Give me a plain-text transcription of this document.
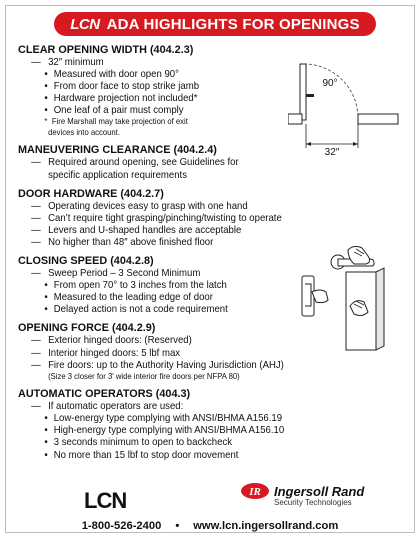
LCN ADA HIGHLIGHTS FOR OPENINGS
CLEAR OPENING WIDTH (404.2.3)
— 32″ minimum
• Measured with door open 90°
• From door face to stop strike jamb
• Hardware projection not included*
• One leaf of a pair must comply
* Fire Marshall may take projection of exit
devices into account.
MANEUVERING CLEARANCE (404.2.4)
— Required around opening, see Guidelines for
specific application requirements
DOOR HARDWARE (404.2.7)
— Operating devices easy to grasp with one hand
— Can’t require tight grasping/pinching/twisting to operate
— Levers and U-shaped handles are acceptable
— No higher than 48″ above finished floor
CLOSING SPEED (404.2.8)
— Sweep Period – 3 Second Minimum
• From open 70° to 3 inches from the latch
• Measured to the leading edge of door
• Delayed action is not a code requirement
OPENING FORCE (404.2.9)
— Exterior hinged doors: (Reserved)
— Interior hinged doors: 5 lbf max
— Fire doors: up to the Authority Having Jurisdiction (AHJ)
(Size 3 closer for 3′ wide interior fire doors per NFPA 80)
AUTOMATIC OPERATORS (404.3)
— If automatic operators are used:
• Low-energy type complying with ANSI/BHMA A156.19
• High-energy type complying with ANSI/BHMA A156.10
• 3 seconds minimum to open to backcheck
• No more than 15 lbf to stop door movement
32″
90°
LCN	IR Ingersoll Rand
Security Technologies
1-800-526-2400 • www.lcn.ingersollrand.com
